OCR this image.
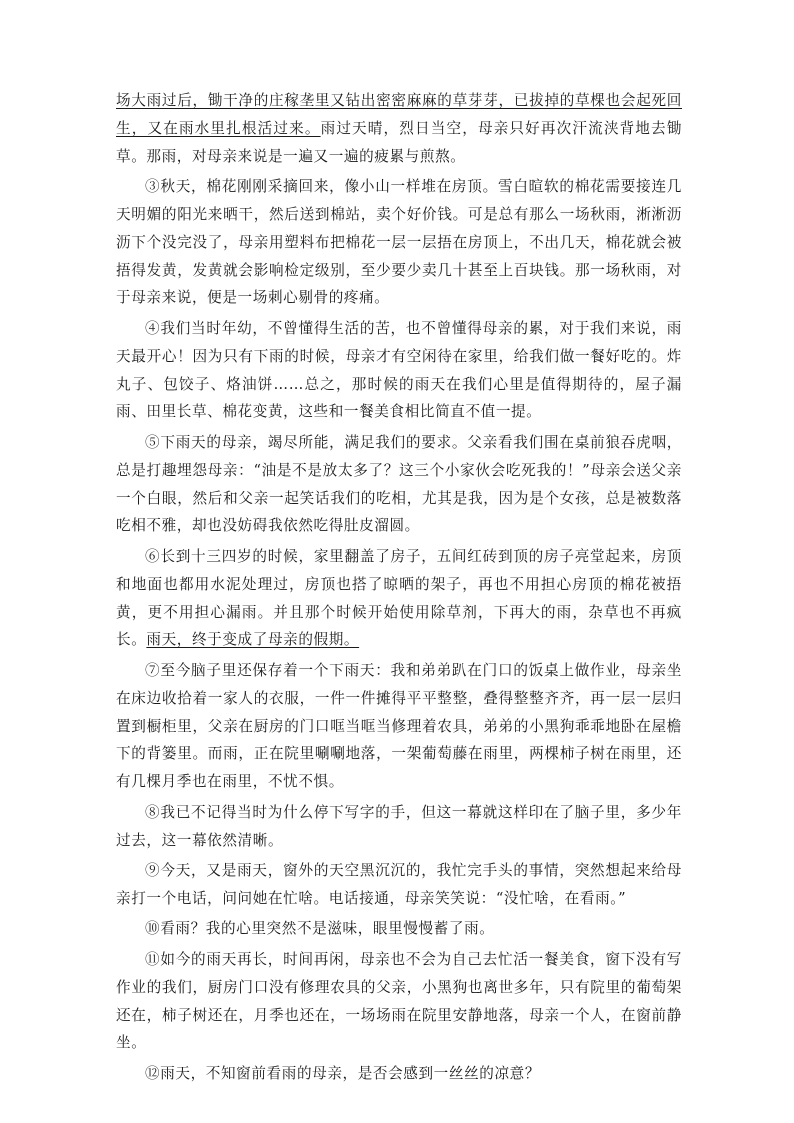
场大雨过后，锄干净的庄稼垄里又钻出密密麻麻的草芽芽，已拔掉的草棵也会起死回生，又在雨水里扎根活过来。雨过天晴，烈日当空，母亲只好再次汗流浃背地去锄草。那雨，对母亲来说是一遍又一遍的疲累与煎熬。

③秋天，棉花刚刚采摘回来，像小山一样堆在房顶。雪白暄软的棉花需要接连几天明媚的阳光来晒干，然后送到棉站，卖个好价钱。可是总有那么一场秋雨，淅淅沥沥下个没完没了，母亲用塑料布把棉花一层一层捂在房顶上，不出几天，棉花就会被捂得发黄，发黄就会影响检定级别，至少要少卖几十甚至上百块钱。那一场秋雨，对于母亲来说，便是一场刺心剔骨的疼痛。

④我们当时年幼，不曾懂得生活的苦，也不曾懂得母亲的累，对于我们来说，雨天最开心！因为只有下雨的时候，母亲才有空闲待在家里，给我们做一餐好吃的。炸丸子、包饺子、烙油饼……总之，那时候的雨天在我们心里是值得期待的，屋子漏雨、田里长草、棉花变黄，这些和一餐美食相比简直不值一提。

⑤下雨天的母亲，竭尽所能，满足我们的要求。父亲看我们围在桌前狼吞虎咽，总是打趣埋怨母亲：“油是不是放太多了？这三个小家伙会吃死我的！”母亲会送父亲一个白眼，然后和父亲一起笑话我们的吃相，尤其是我，因为是个女孩，总是被数落吃相不雅，却也没妨碍我依然吃得肚皮溜圆。

⑥长到十三四岁的时候，家里翻盖了房子，五间红砖到顶的房子亮堂起来，房顶和地面也都用水泥处理过，房顶也搭了晾晒的架子，再也不用担心房顶的棉花被捂黄，更不用担心漏雨。并且那个时候开始使用除草剂，下再大的雨，杂草也不再疯长。雨天，终于变成了母亲的假期。

⑦至今脑子里还保存着一个下雨天：我和弟弟趴在门口的饭桌上做作业，母亲坐在床边收拾着一家人的衣服，一件一件摊得平平整整，叠得整整齐齐，再一层一层归置到橱柜里，父亲在厨房的门口哐当哐当修理着农具，弟弟的小黑狗乖乖地卧在屋檐下的背篓里。而雨，正在院里唰唰地落，一架葡萄藤在雨里，两棵柿子树在雨里，还有几棵月季也在雨里，不忧不惧。

⑧我已不记得当时为什么停下写字的手，但这一幕就这样印在了脑子里，多少年过去，这一幕依然清晰。

⑨今天，又是雨天，窗外的天空黑沉沉的，我忙完手头的事情，突然想起来给母亲打一个电话，问问她在忙啥。电话接通，母亲笑笑说：“没忙啥，在看雨。”

⑩看雨？我的心里突然不是滋味，眼里慢慢蓄了雨。

⑪如今的雨天再长，时间再闲，母亲也不会为自己去忙活一餐美食，窗下没有写作业的我们，厨房门口没有修理农具的父亲，小黑狗也离世多年，只有院里的葡萄架还在，柿子树还在，月季也还在，一场场雨在院里安静地落，母亲一个人，在窗前静坐。

⑫雨天，不知窗前看雨的母亲，是否会感到一丝丝的凉意？
